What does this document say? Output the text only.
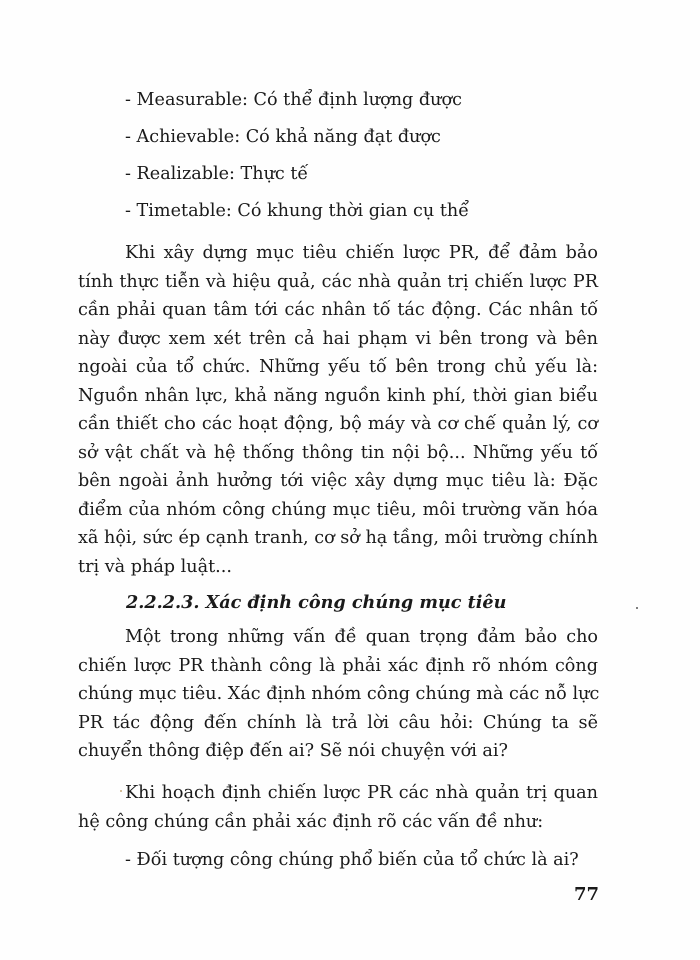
- Measurable: Có thể định lượng được
- Achievable: Có khả năng đạt được
- Realizable: Thực tế
- Timetable: Có khung thời gian cụ thể
Khi xây dựng mục tiêu chiến lược PR, để đảm bảo
tính thực tiễn và hiệu quả, các nhà quản trị chiến lược PR
cần phải quan tâm tới các nhân tố tác động. Các nhân tố
này được xem xét trên cả hai phạm vi bên trong và bên
ngoài của tổ chức. Những yếu tố bên trong chủ yếu là:
Nguồn nhân lực, khả năng nguồn kinh phí, thời gian biểu
cần thiết cho các hoạt động, bộ máy và cơ chế quản lý, cơ
sở vật chất và hệ thống thông tin nội bộ... Những yếu tố
bên ngoài ảnh hưởng tới việc xây dựng mục tiêu là: Đặc
điểm của nhóm công chúng mục tiêu, môi trường văn hóa
xã hội, sức ép cạnh tranh, cơ sở hạ tầng, môi trường chính
trị và pháp luật...
2.2.2.3. Xác định công chúng mục tiêu
Một trong những vấn đề quan trọng đảm bảo cho
chiến lược PR thành công là phải xác định rõ nhóm công
chúng mục tiêu. Xác định nhóm công chúng mà các nỗ lực
PR tác động đến chính là trả lời câu hỏi: Chúng ta sẽ
chuyển thông điệp đến ai? Sẽ nói chuyện với ai?
Khi hoạch định chiến lược PR các nhà quản trị quan
hệ công chúng cần phải xác định rõ các vấn đề như:
- Đối tượng công chúng phổ biến của tổ chức là ai?
77
